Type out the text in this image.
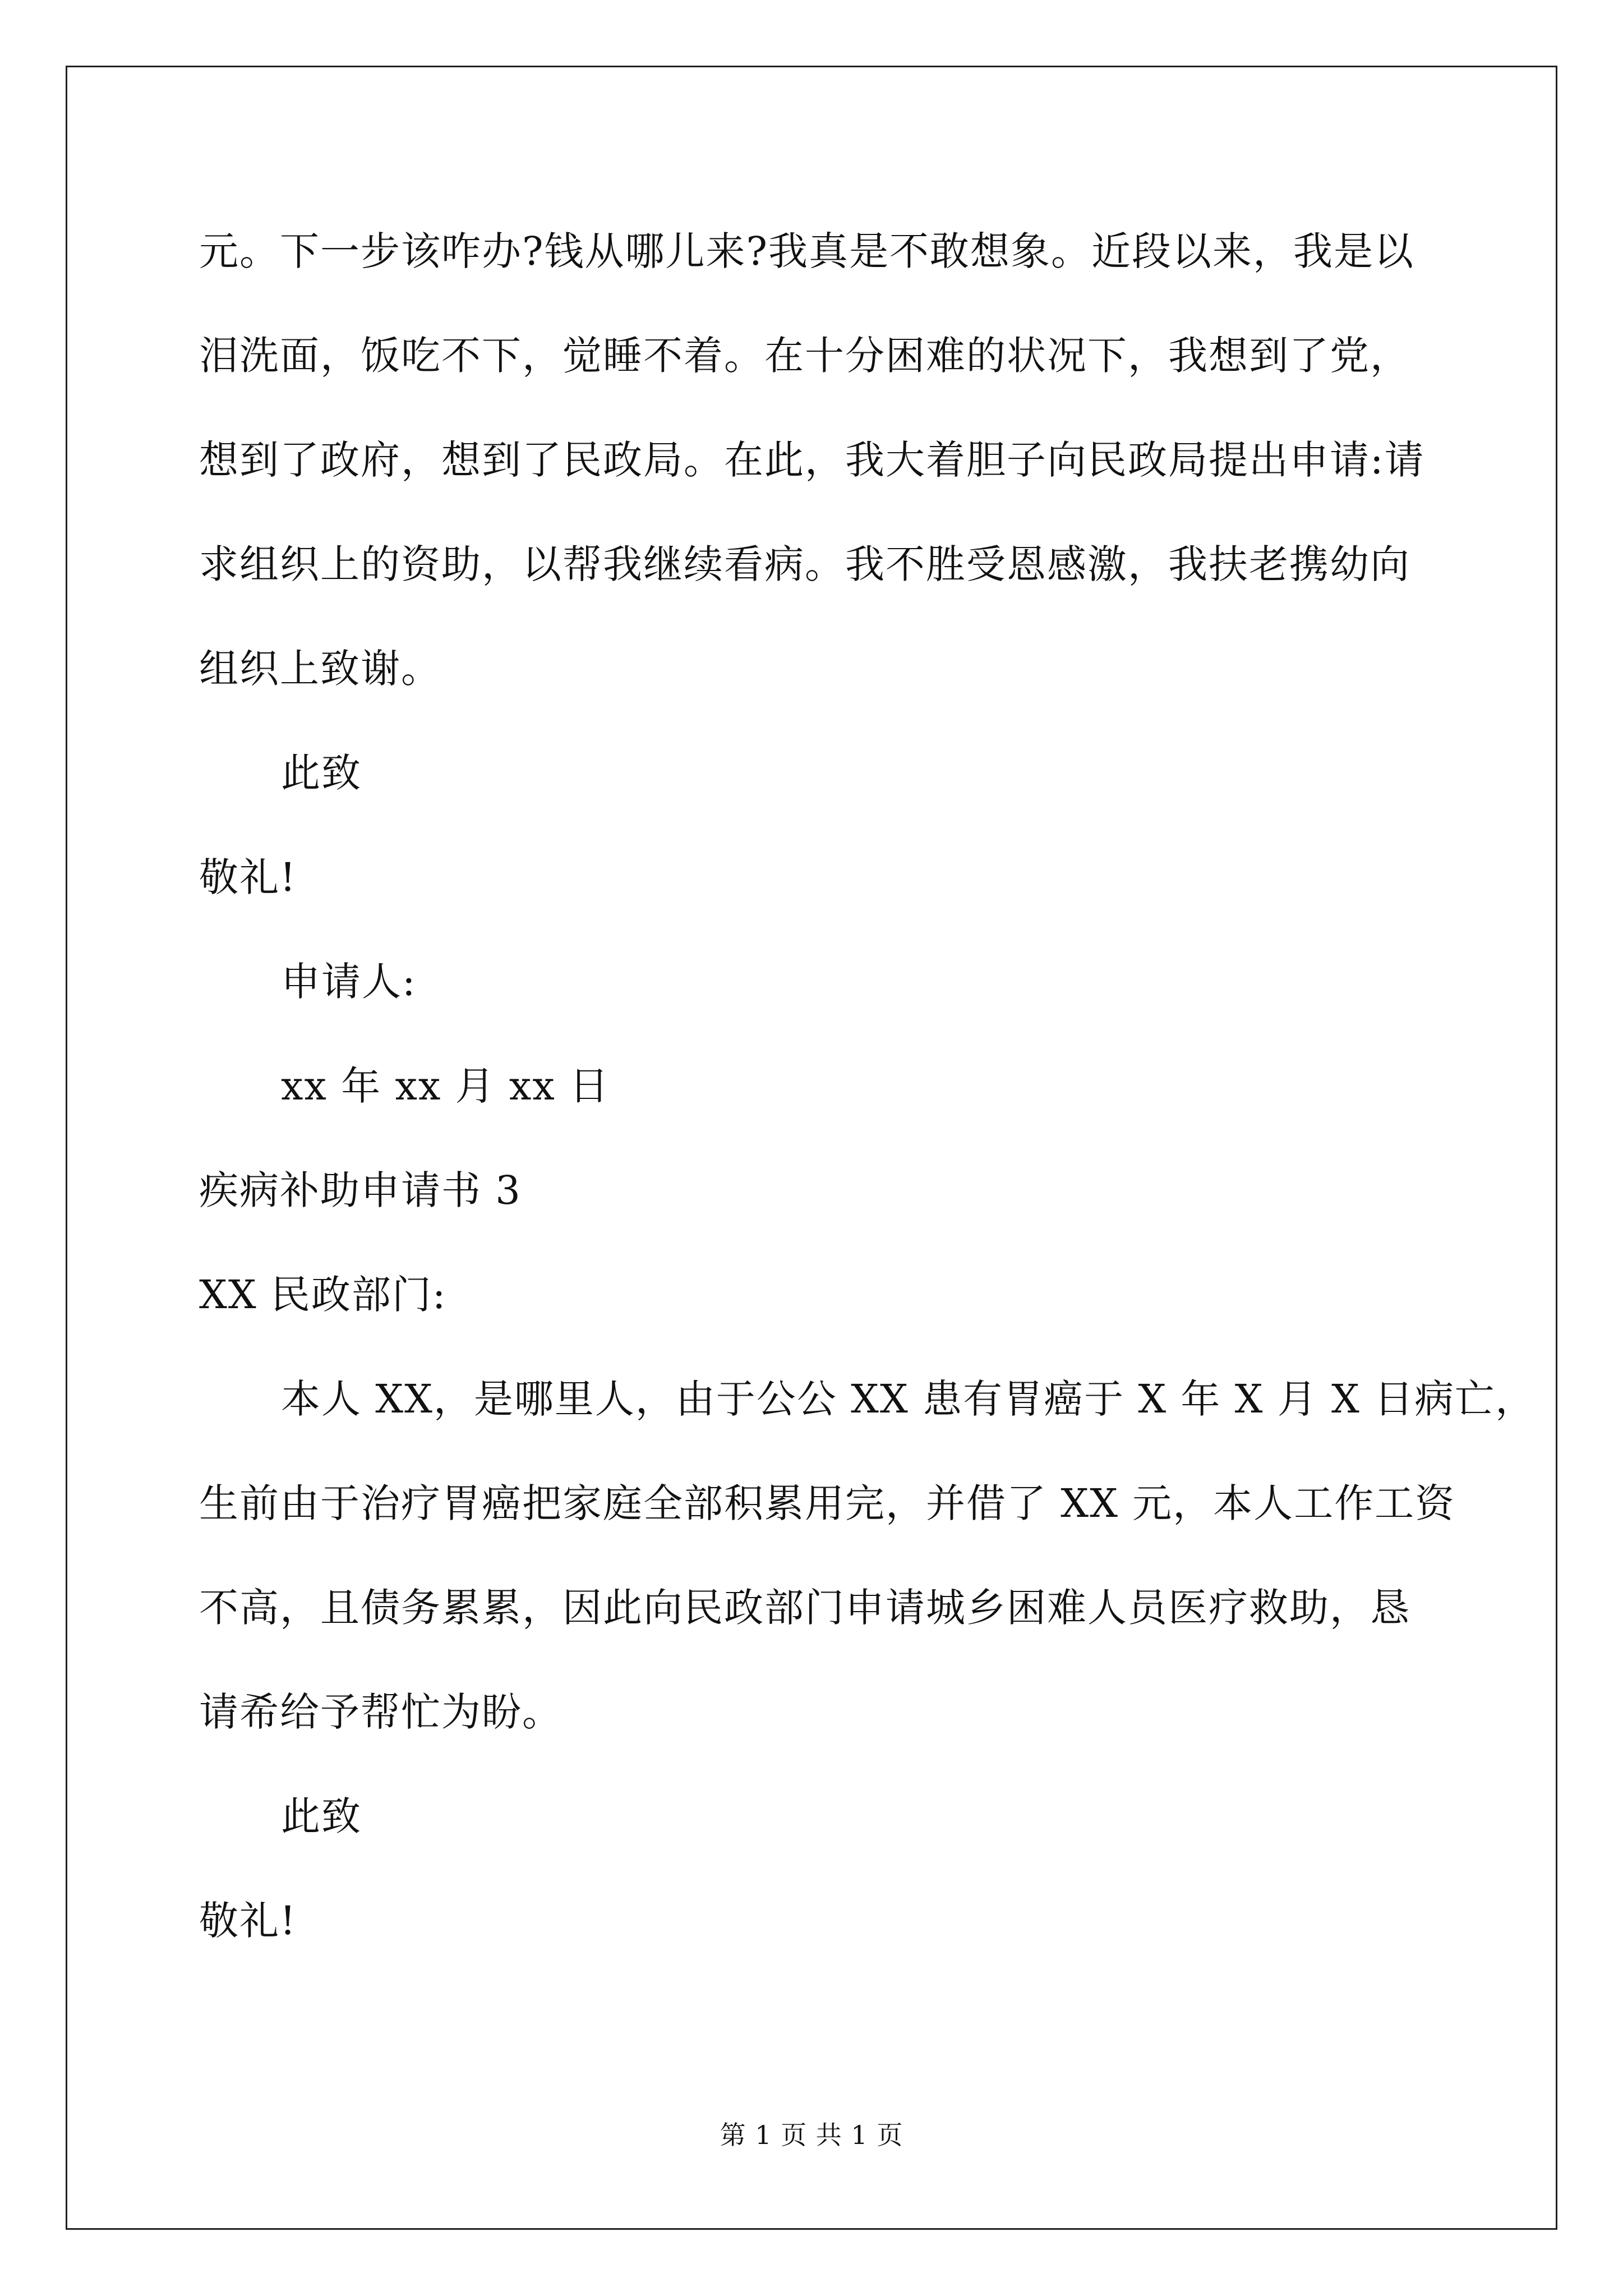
元。下一步该咋办?钱从哪儿来?我真是不敢想象。近段以来，我是以
泪洗面，饭吃不下，觉睡不着。在十分困难的状况下，我想到了党，
想到了政府，想到了民政局。在此，我大着胆子向民政局提出申请:请
求组织上的资助，以帮我继续看病。我不胜受恩感激，我扶老携幼向
组织上致谢。
此致
敬礼!
申请人:
xx 年 xx 月 xx 日
疾病补助申请书 3
XX 民政部门:
本人 XX，是哪里人，由于公公 XX 患有胃癌于 X 年 X 月 X 日病亡，
生前由于治疗胃癌把家庭全部积累用完，并借了 XX 元，本人工作工资
不高，且债务累累，因此向民政部门申请城乡困难人员医疗救助，恳
请希给予帮忙为盼。
此致
敬礼!
第 1 页 共 1 页
